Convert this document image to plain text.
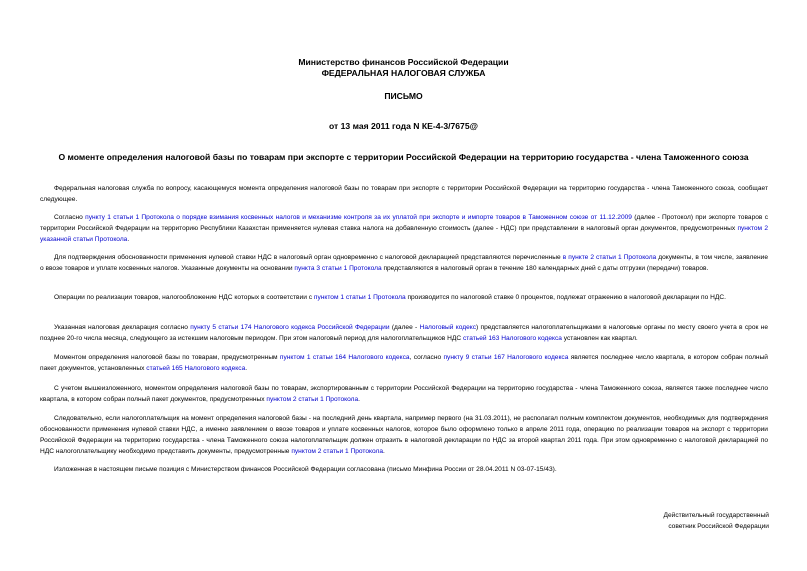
Министерство финансов Российской Федерации
ФЕДЕРАЛЬНАЯ НАЛОГОВАЯ СЛУЖБА
ПИСЬМО
от 13 мая 2011 года N КЕ-4-3/7675@
О моменте определения налоговой базы по товарам при экспорте с территории Российской Федерации на территорию государства - члена Таможенного союза
Федеральная налоговая служба по вопросу, касающемуся момента определения налоговой базы по товарам при экспорте с территории Российской Федерации на территорию государства - члена Таможенного союза, сообщает следующее.
Согласно пункту 1 статьи 1 Протокола о порядке взимания косвенных налогов и механизме контроля за их уплатой при экспорте и импорте товаров в Таможенном союзе от 11.12.2009 (далее - Протокол) при экспорте товаров с территории Российской Федерации на территорию Республики Казахстан применяется нулевая ставка налога на добавленную стоимость (далее - НДС) при представлении в налоговый орган документов, предусмотренных пунктом 2 указанной статьи Протокола.
Для подтверждения обоснованности применения нулевой ставки НДС в налоговый орган одновременно с налоговой декларацией представляются перечисленные в пункте 2 статьи 1 Протокола документы, в том числе, заявление о ввозе товаров и уплате косвенных налогов. Указанные документы на основании пункта 3 статьи 1 Протокола представляются в налоговый орган в течение 180 календарных дней с даты отгрузки (передачи) товаров.
Операции по реализации товаров, налогообложение НДС которых в соответствии с пунктом 1 статьи 1 Протокола производится по налоговой ставке 0 процентов, подлежат отражению в налоговой декларации по НДС.
Указанная налоговая декларация согласно пункту 5 статьи 174 Налогового кодекса Российской Федерации (далее - Налоговый кодекс) представляется налогоплательщиками в налоговые органы по месту своего учета в срок не позднее 20-го числа месяца, следующего за истекшим налоговым периодом. При этом налоговый период для налогоплательщиков НДС статьей 163 Налогового кодекса установлен как квартал.
Моментом определения налоговой базы по товарам, предусмотренным пунктом 1 статьи 164 Налогового кодекса, согласно пункту 9 статьи 167 Налогового кодекса является последнее число квартала, в котором собран полный пакет документов, установленных статьей 165 Налогового кодекса.
С учетом вышеизложенного, моментом определения налоговой базы по товарам, экспортированным с территории Российской Федерации на территорию государства - члена Таможенного союза, является также последнее число квартала, в котором собран полный пакет документов, предусмотренных пунктом 2 статьи 1 Протокола.
Следовательно, если налогоплательщик на момент определения налоговой базы - на последний день квартала, например первого (на 31.03.2011), не располагал полным комплектом документов, необходимых для подтверждения обоснованности применения нулевой ставки НДС, а именно заявлением о ввозе товаров и уплате косвенных налогов, которое было оформлено только в апреле 2011 года, операцию по реализации товаров на экспорт с территории Российской Федерации на территорию государства - члена Таможенного союза налогоплательщик должен отразить в налоговой декларации по НДС за второй квартал 2011 года. При этом одновременно с налоговой декларацией по НДС налогоплательщику необходимо представить документы, предусмотренные пунктом 2 статьи 1 Протокола.
Изложенная в настоящем письме позиция с Министерством финансов Российской Федерации согласована (письмо Минфина России от 28.04.2011 N 03-07-15/43).
Действительный государственный
советник Российской Федерации
